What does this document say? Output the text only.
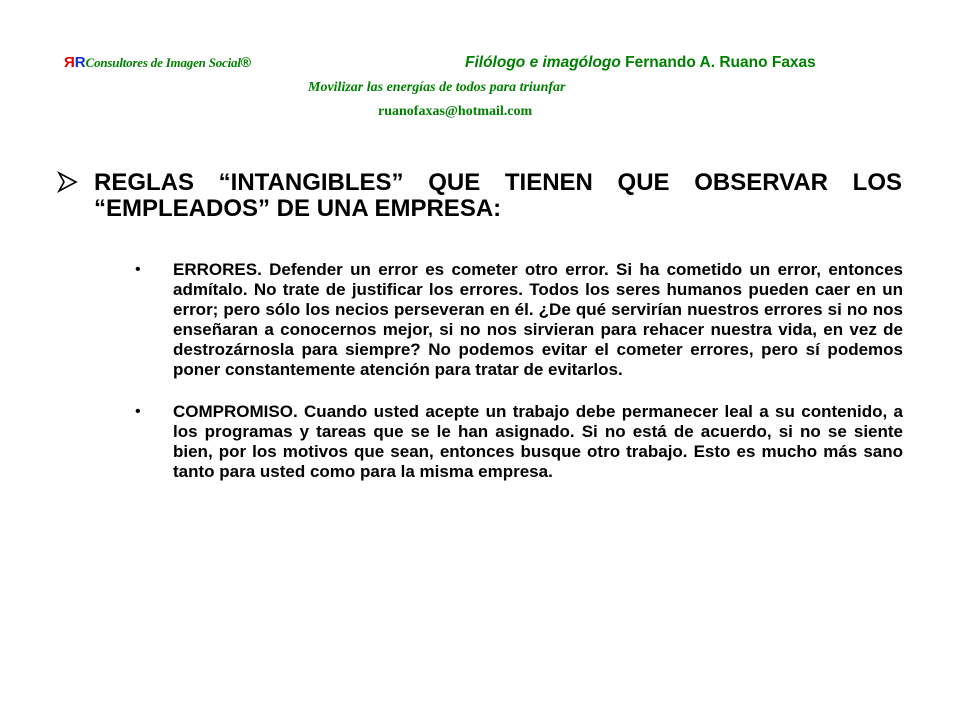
ЯRConsultores de Imagen Social®	Filólogo e imagólogo Fernando A. Ruano Faxas
Movilizar las energías de todos para triunfar
ruanofaxas@hotmail.com
REGLAS “INTANGIBLES” QUE TIENEN QUE OBSERVAR LOS “EMPLEADOS” DE UNA EMPRESA:
• ERRORES. Defender un error es cometer otro error. Si ha cometido un error, entonces admítalo. No trate de justificar los errores. Todos los seres humanos pueden caer en un error; pero sólo los necios perseveran en él. ¿De qué servirían nuestros errores si no nos enseñaran a conocernos mejor, si no nos sirvieran para rehacer nuestra vida, en vez de destrozárnosla para siempre? No podemos evitar el cometer errores, pero sí podemos poner constantemente atención para tratar de evitarlos.
• COMPROMISO. Cuando usted acepte un trabajo debe permanecer leal a su contenido, a los programas y tareas que se le han asignado. Si no está de acuerdo, si no se siente bien, por los motivos que sean, entonces busque otro trabajo. Esto es mucho más sano tanto para usted como para la misma empresa.
